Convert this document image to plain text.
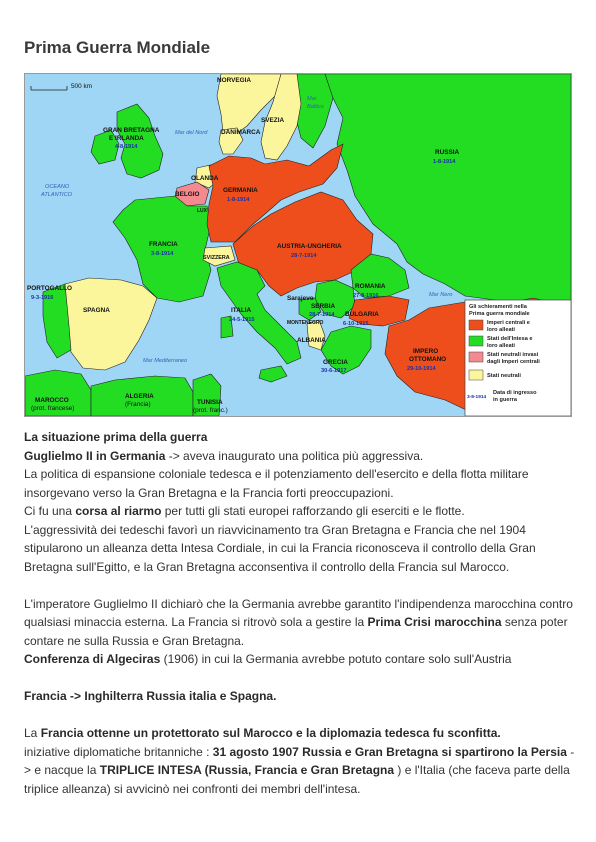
Prima Guerra Mondiale
500 km
OCEANO
ATLANTICO
Mar del Nord
Mar
Baltico
Mar Nero
Mar Mediterraneo
NORVEGIA
SVEZIA
DANIMARCA
GRAN BRETAGNA
E IRLANDA
4-8-1914
OLANDA
BELGIO
LUX
GERMANIA
1-8-1914
RUSSIA
1-8-1914
FRANCIA
3-8-1914
SVIZZERA
AUSTRIA-UNGHERIA
28-7-1914
PORTOGALLO
9-3-1916
SPAGNA	ITALIA
24-5-1915
Sarajevo
SERBIA
28-7-1914
MONTENEGRO
ROMANIA
27-8-1916
BULGARIA
6-10-1915
ALBANIA
GRECIA
30-6-1917
IMPERO
OTTOMANO
29-10-1914
MAROCCO
(prot. francese)
ALGERIA
(Francia)	TUNISIA
(prot. franc.)
Gli schieramenti nella
Prima guerra mondiale
Imperi centrali e
loro alleati
Stati dell'Intesa e
loro alleati
Stati neutrali invasi
dagli Imperi centrali
Stati neutrali
3-8-1914
Data di ingresso
in guerra

La situazione prima della guerra

Guglielmo II in Germania -> aveva inaugurato una politica più aggressiva.

La politica di espansione coloniale tedesca e il potenziamento dell'esercito e della flotta militare insorgevano verso la Gran Bretagna e la Francia forti preoccupazioni.

Ci fu una corsa al riarmo per tutti gli stati europei rafforzando gli eserciti e le flotte.

L'aggressività dei tedeschi favorì un riavvicinamento tra Gran Bretagna e Francia che nel 1904 stipularono un alleanza detta Intesa Cordiale, in cui la Francia riconosceva il controllo della Gran Bretagna sull'Egitto, e la Gran Bretagna acconsentiva il controllo della Francia sul Marocco.

L'imperatore Guglielmo II dichiarò che la Germania avrebbe garantito l'indipendenza marocchina contro qualsiasi minaccia esterna. La Francia si ritrovò sola a gestire la Prima Crisi marocchina senza poter contare ne sulla Russia e Gran Bretagna.

Conferenza di Algeciras (1906) in cui la Germania avrebbe potuto contare solo sull'Austria

Francia -> Inghilterra Russia italia e Spagna.

La Francia ottenne un protettorato sul Marocco e la diplomazia tedesca fu sconfitta.

iniziative diplomatiche britanniche : 31 agosto 1907 Russia e Gran Bretagna si spartirono la Persia -> e nacque la TRIPLICE INTESA (Russia, Francia e Gran Bretagna ) e l'Italia (che faceva parte della triplice alleanza) si avvicinò nei confronti dei membri dell'intesa.
